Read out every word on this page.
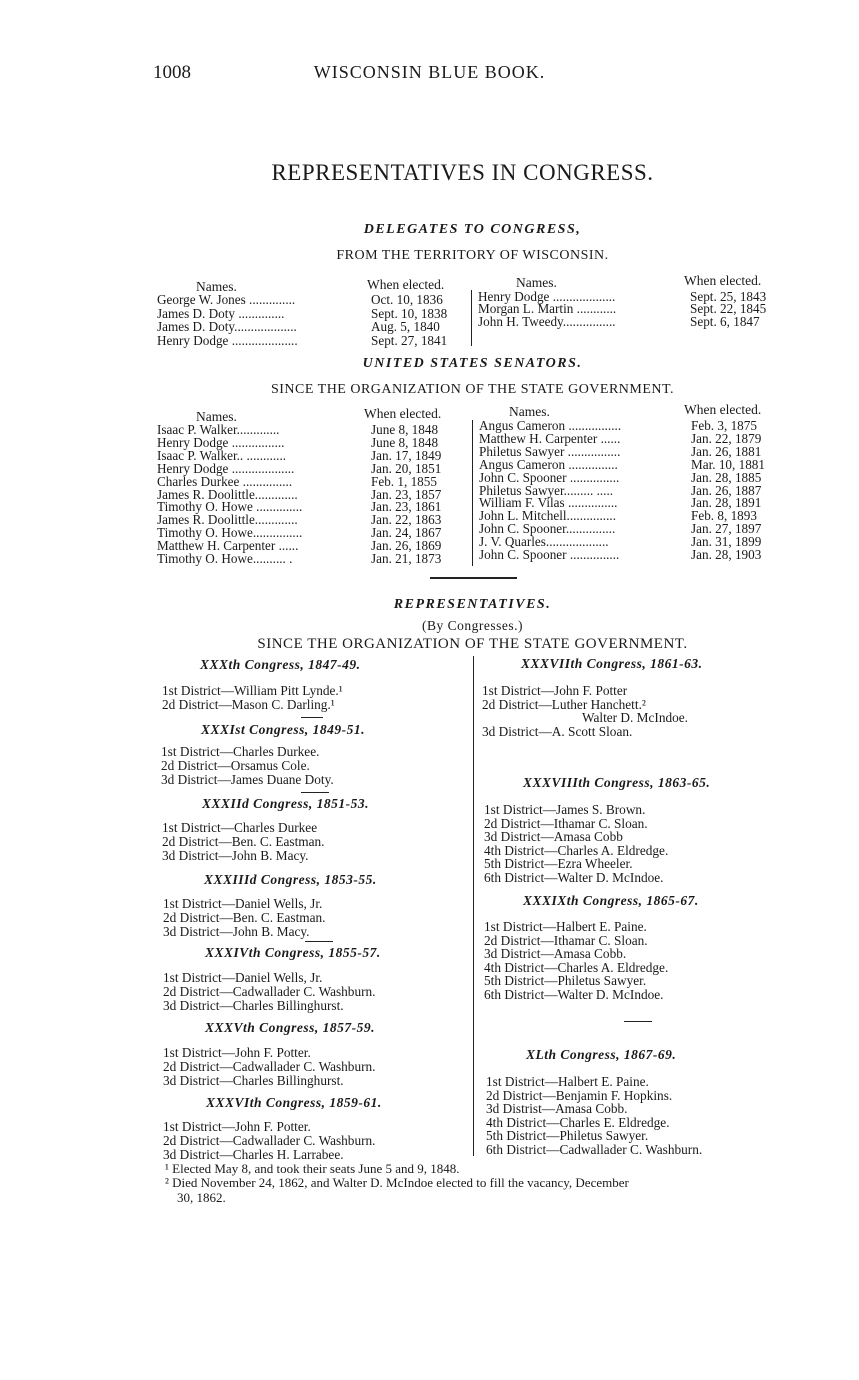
1008	WISCONSIN BLUE BOOK.
REPRESENTATIVES IN CONGRESS.
DELEGATES TO CONGRESS,
FROM THE TERRITORY OF WISCONSIN.
Names.	When elected.	Names.	When elected.
George W. Jones ..............	Oct. 10, 1836
James D. Doty ..............	Sept. 10, 1838
James D. Doty...................	Aug. 5, 1840
Henry Dodge ....................	Sept. 27, 1841
Henry Dodge ...................	Sept. 25, 1843
Morgan L. Martin ............	Sept. 22, 1845
John H. Tweedy................	Sept. 6, 1847
UNITED STATES SENATORS.
SINCE THE ORGANIZATION OF THE STATE GOVERNMENT.
Names.	When elected.	Names.	When elected.
Isaac P. Walker.............	June 8, 1848
Henry Dodge ................	June 8, 1848
Isaac P. Walker.. ............	Jan. 17, 1849
Henry Dodge ...................	Jan. 20, 1851
Charles Durkee ...............	Feb. 1, 1855
James R. Doolittle.............	Jan. 23, 1857
Timothy O. Howe ..............	Jan. 23, 1861
James R. Doolittle.............	Jan. 22, 1863
Timothy O. Howe...............	Jan. 24, 1867
Matthew H. Carpenter ......	Jan. 26, 1869
Timothy O. Howe.......... .	Jan. 21, 1873
Angus Cameron ................	Feb. 3, 1875
Matthew H. Carpenter ......	Jan. 22, 1879
Philetus Sawyer ................	Jan. 26, 1881
Angus Cameron ...............	Mar. 10, 1881
John C. Spooner ...............	Jan. 28, 1885
Philetus Sawyer......... .....	Jan. 26, 1887
William F. Vilas ...............	Jan. 28, 1891
John L. Mitchell...............	Feb. 8, 1893
John C. Spooner...............	Jan. 27, 1897
J. V. Quarles...................	Jan. 31, 1899
John C. Spooner ...............	Jan. 28, 1903
REPRESENTATIVES.
(By Congresses.)
SINCE THE ORGANIZATION OF THE STATE GOVERNMENT.
XXXth Congress, 1847-49.
1st District—William Pitt Lynde.¹
2d District—Mason C. Darling.¹
XXXIst Congress, 1849-51.
1st District—Charles Durkee.
2d District—Orsamus Cole.
3d District—James Duane Doty.
XXXIId Congress, 1851-53.
1st District—Charles Durkee
2d District—Ben. C. Eastman.
3d District—John B. Macy.
XXXIIId Congress, 1853-55.
1st District—Daniel Wells, Jr.
2d District—Ben. C. Eastman.
3d District—John B. Macy.
XXXIVth Congress, 1855-57.
1st District—Daniel Wells, Jr.
2d District—Cadwallader C. Washburn.
3d District—Charles Billinghurst.
XXXVth Congress, 1857-59.
1st District—John F. Potter.
2d District—Cadwallader C. Washburn.
3d District—Charles Billinghurst.
XXXVIth Congress, 1859-61.
1st District—John F. Potter.
2d District—Cadwallader C. Washburn.
3d District—Charles H. Larrabee.
XXXVIIth Congress, 1861-63.
1st District—John F. Potter
2d District—Luther Hanchett.²
Walter D. McIndoe.
3d District—A. Scott Sloan.
XXXVIIIth Congress, 1863-65.
1st District—James S. Brown.
2d District—Ithamar C. Sloan.
3d District—Amasa Cobb
4th District—Charles A. Eldredge.
5th District—Ezra Wheeler.
6th District—Walter D. McIndoe.
XXXIXth Congress, 1865-67.
1st District—Halbert E. Paine.
2d District—Ithamar C. Sloan.
3d District—Amasa Cobb.
4th District—Charles A. Eldredge.
5th District—Philetus Sawyer.
6th District—Walter D. McIndoe.
XLth Congress, 1867-69.
1st District—Halbert E. Paine.
2d District—Benjamin F. Hopkins.
3d Distrist—Amasa Cobb.
4th District—Charles E. Eldredge.
5th District—Philetus Sawyer.
6th District—Cadwallader C. Washburn.
¹ Elected May 8, and took their seats June 5 and 9, 1848.
² Died November 24, 1862, and Walter D. McIndoe elected to fill the vacancy, December
30, 1862.
